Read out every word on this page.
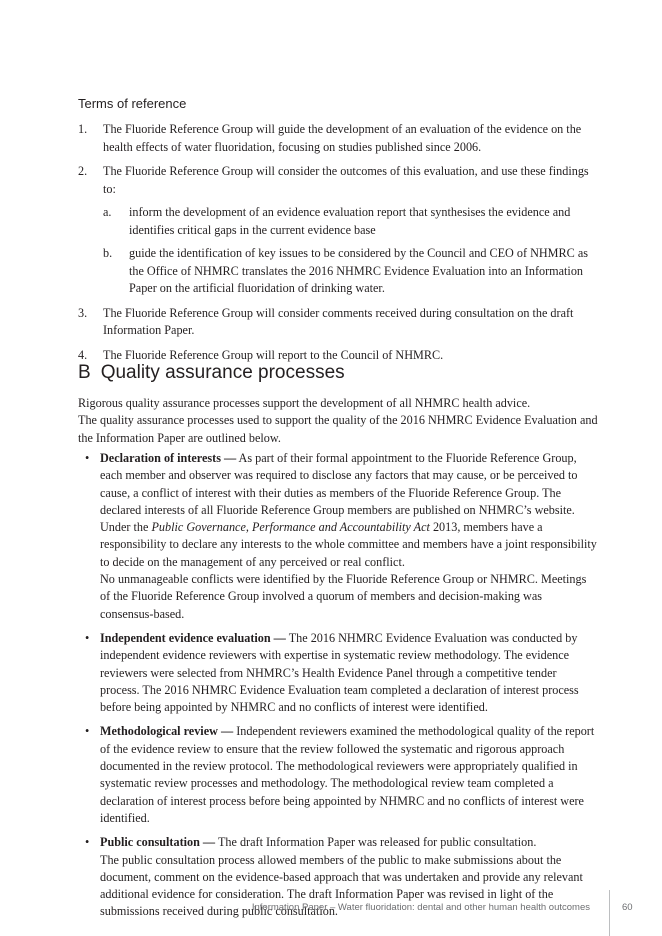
Terms of reference
1. The Fluoride Reference Group will guide the development of an evaluation of the evidence on the health effects of water fluoridation, focusing on studies published since 2006.
2. The Fluoride Reference Group will consider the outcomes of this evaluation, and use these findings to:
a. inform the development of an evidence evaluation report that synthesises the evidence and identifies critical gaps in the current evidence base
b. guide the identification of key issues to be considered by the Council and CEO of NHMRC as the Office of NHMRC translates the 2016 NHMRC Evidence Evaluation into an Information Paper on the artificial fluoridation of drinking water.
3. The Fluoride Reference Group will consider comments received during consultation on the draft Information Paper.
4. The Fluoride Reference Group will report to the Council of NHMRC.
B Quality assurance processes

Rigorous quality assurance processes support the development of all NHMRC health advice.

The quality assurance processes used to support the quality of the 2016 NHMRC Evidence Evaluation and the Information Paper are outlined below.

• Declaration of interests — As part of their formal appointment to the Fluoride Reference Group, each member and observer was required to disclose any factors that may cause, or be perceived to cause, a conflict of interest with their duties as members of the Fluoride Reference Group. The declared interests of all Fluoride Reference Group members are published on NHMRC’s website. Under the Public Governance, Performance and Accountability Act 2013, members have a responsibility to declare any interests to the whole committee and members have a joint responsibility to decide on the management of any perceived or real conflict.

No unmanageable conflicts were identified by the Fluoride Reference Group or NHMRC. Meetings of the Fluoride Reference Group involved a quorum of members and decision-making was consensus-based.

• Independent evidence evaluation — The 2016 NHMRC Evidence Evaluation was conducted by independent evidence reviewers with expertise in systematic review methodology. The evidence reviewers were selected from NHMRC’s Health Evidence Panel through a competitive tender process. The 2016 NHMRC Evidence Evaluation team completed a declaration of interest process before being appointed by NHMRC and no conflicts of interest were identified.

• Methodological review — Independent reviewers examined the methodological quality of the report of the evidence review to ensure that the review followed the systematic and rigorous approach documented in the review protocol. The methodological reviewers were appropriately qualified in systematic review processes and methodology. The methodological review team completed a declaration of interest process before being appointed by NHMRC and no conflicts of interest were identified.

• Public consultation — The draft Information Paper was released for public consultation.

The public consultation process allowed members of the public to make submissions about the document, comment on the evidence-based approach that was undertaken and provide any relevant additional evidence for consideration. The draft Information Paper was revised in light of the submissions received during public consultation.

Information Paper – Water fluoridation: dental and other human health outcomes	60
